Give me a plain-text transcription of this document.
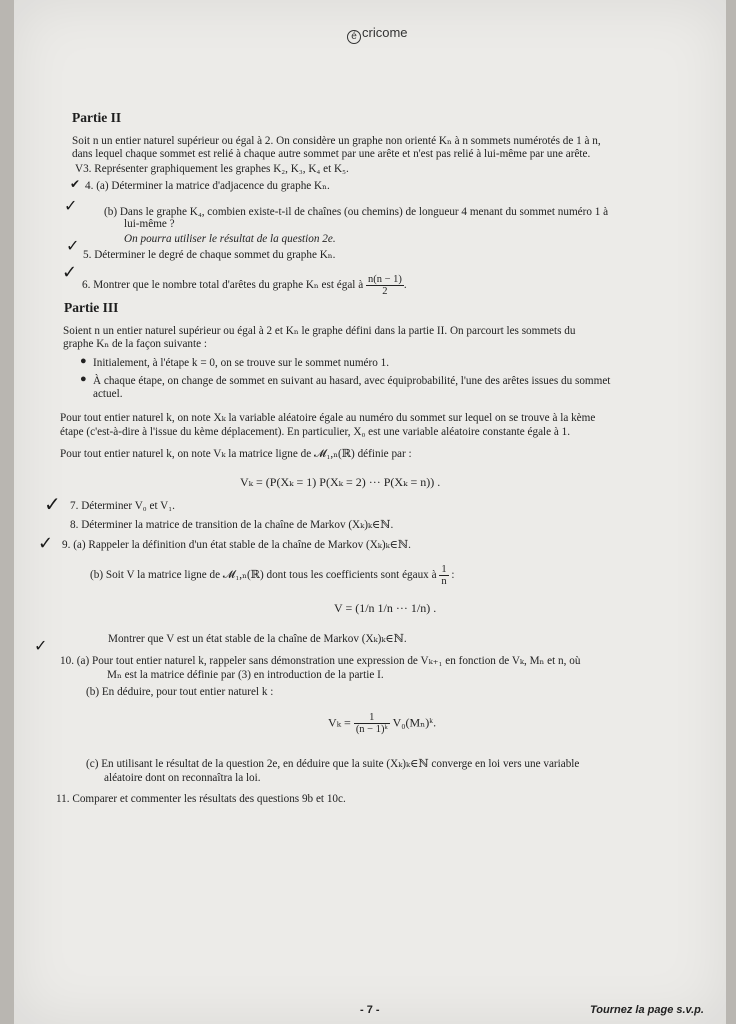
é cricome
Partie II
Soit n un entier naturel supérieur ou égal à 2. On considère un graphe non orienté Kₙ à n sommets numérotés de 1 à n,
dans lequel chaque sommet est relié à chaque autre sommet par une arête et n'est pas relié à lui-même par une arête.
V3. Représenter graphiquement les graphes K₂, K₃, K₄ et K₅.
✔ 4. (a) Déterminer la matrice d'adjacence du graphe Kₙ.
✓ (b) Dans le graphe K₄, combien existe-t-il de chaînes (ou chemins) de longueur 4 menant du sommet numéro 1 à
lui-même ?
On pourra utiliser le résultat de la question 2e.
✓ 5. Déterminer le degré de chaque sommet du graphe Kₙ.
✓
6. Montrer que le nombre total d'arêtes du graphe Kₙ est égal à $\frac{n(n - 1)}{2}$ .
Partie III
Soient n un entier naturel supérieur ou égal à 2 et Kₙ le graphe défini dans la partie II. On parcourt les sommets du
graphe Kₙ de la façon suivante :
● Initialement, à l'étape k = 0, on se trouve sur le sommet numéro 1.
● À chaque étape, on change de sommet en suivant au hasard, avec équiprobabilité, l'une des arêtes issues du sommet
actuel.
Pour tout entier naturel k, on note Xₖ la variable aléatoire égale au numéro du sommet sur lequel on se trouve à la kème
étape (c'est-à-dire à l'issue du kème déplacement). En particulier, X₀ est une variable aléatoire constante égale à 1.
Pour tout entier naturel k, on note Vₖ la matrice ligne de 𝓜₁,ₙ(ℝ) définie par :
Vₖ = (P(Xₖ = 1) P(Xₖ = 2) ··· P(Xₖ = n)) .
✓ 7. Déterminer V₀ et V₁.
8. Déterminer la matrice de transition de la chaîne de Markov (Xₖ)ₖ∈ℕ.
✓ 9. (a) Rappeler la définition d'un état stable de la chaîne de Markov (Xₖ)ₖ∈ℕ.
(b) Soit V la matrice ligne de 𝓜₁,ₙ(ℝ) dont tous les coefficients sont égaux à $\frac{1}{n}$ :
V = (1/n 1/n ··· 1/n) .
Montrer que V est un état stable de la chaîne de Markov (Xₖ)ₖ∈ℕ.
✓
10. (a) Pour tout entier naturel k, rappeler sans démonstration une expression de Vₖ₊₁ en fonction de Vₖ, Mₙ et n, où
Mₙ est la matrice définie par (3) en introduction de la partie I.
(b) En déduire, pour tout entier naturel k :
$V_k = \frac{1}{\text{(n − 1)ᵏ}}$ V₀(Mₙ)ᵏ.
(c) En utilisant le résultat de la question 2e, en déduire que la suite (Xₖ)ₖ∈ℕ converge en loi vers une variable
aléatoire dont on reconnaîtra la loi.
11. Comparer et commenter les résultats des questions 9b et 10c.
- 7 -	Tournez la page s.v.p.
